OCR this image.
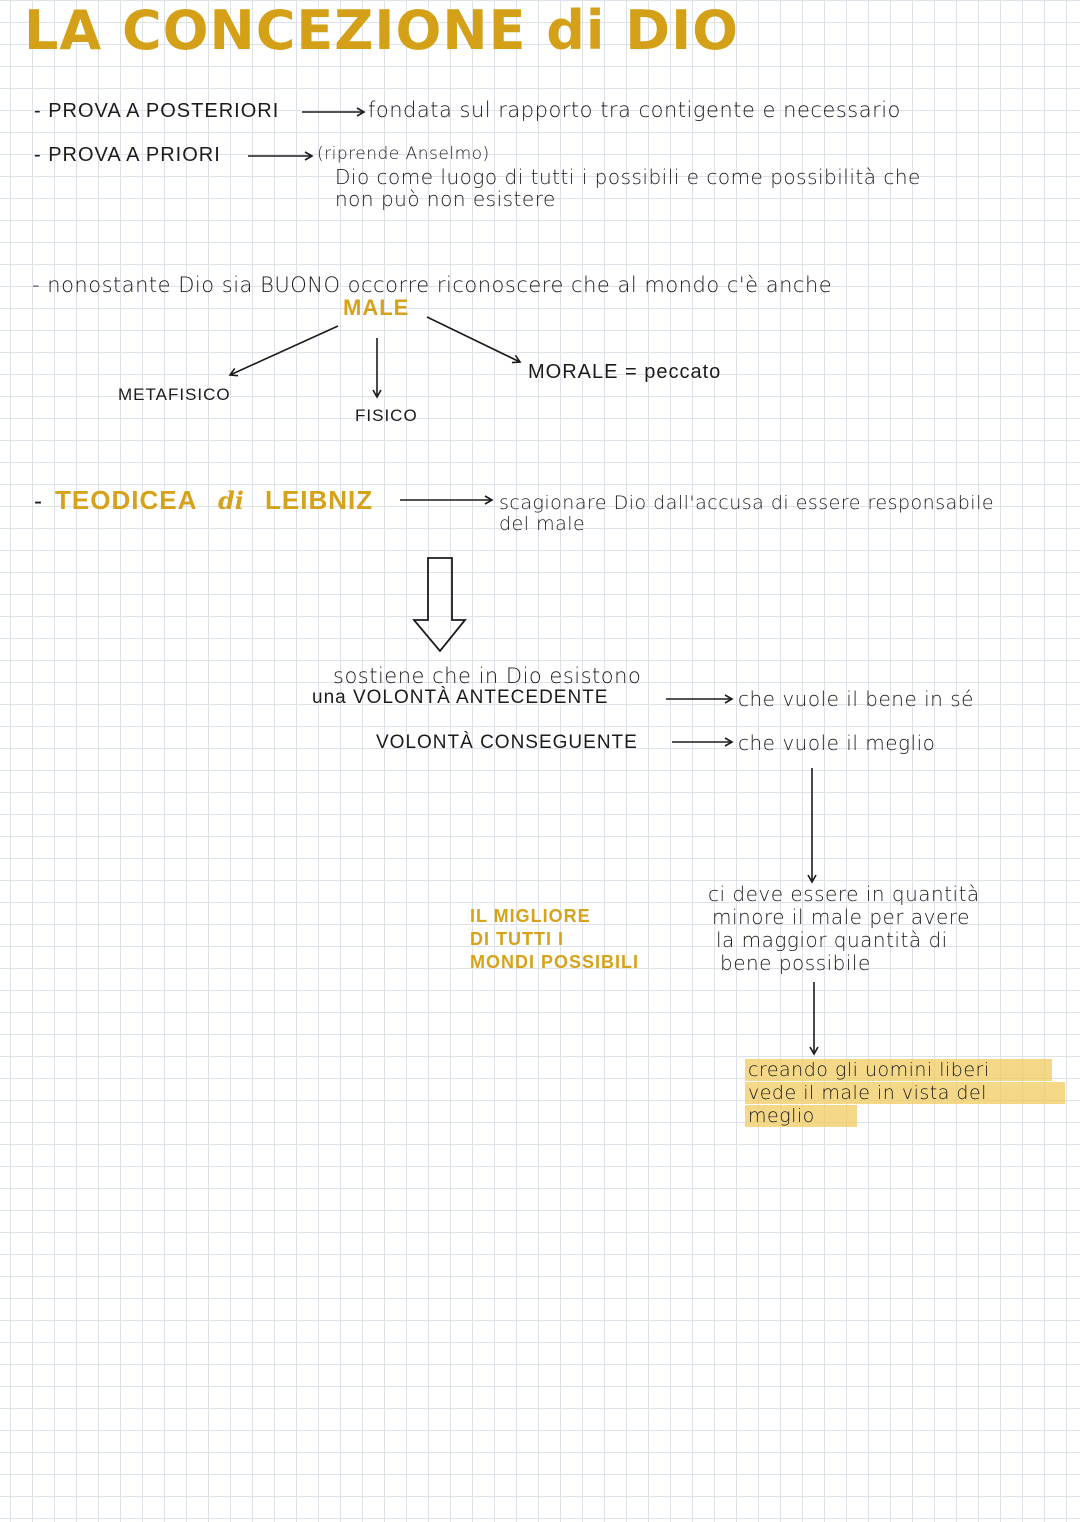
LA CONCEZIONE di DIO
- PROVA A POSTERIORI	fondata sul rapporto tra contigente e necessario
- PROVA A PRIORI	(riprende Anselmo)
Dio come luogo di tutti i possibili e come possibilità che
non può non esistere
- nonostante Dio sia BUONO occorre riconoscere che al mondo c'è anche
MALE
METAFISICO
FISICO
MORALE = peccato
- TEODICEA di LEIBNIZ	scagionare Dio dall'accusa di essere responsabile
del male
sostiene che in Dio esistono
una VOLONTÀ ANTECEDENTE	che vuole il bene in sé
VOLONTÀ CONSEGUENTE	che vuole il meglio
IL MIGLIORE
DI TUTTI I
MONDI POSSIBILI
ci deve essere in quantità
minore il male per avere
la maggior quantità di
bene possibile
creando gli uomini liberi
vede il male in vista del
meglio
